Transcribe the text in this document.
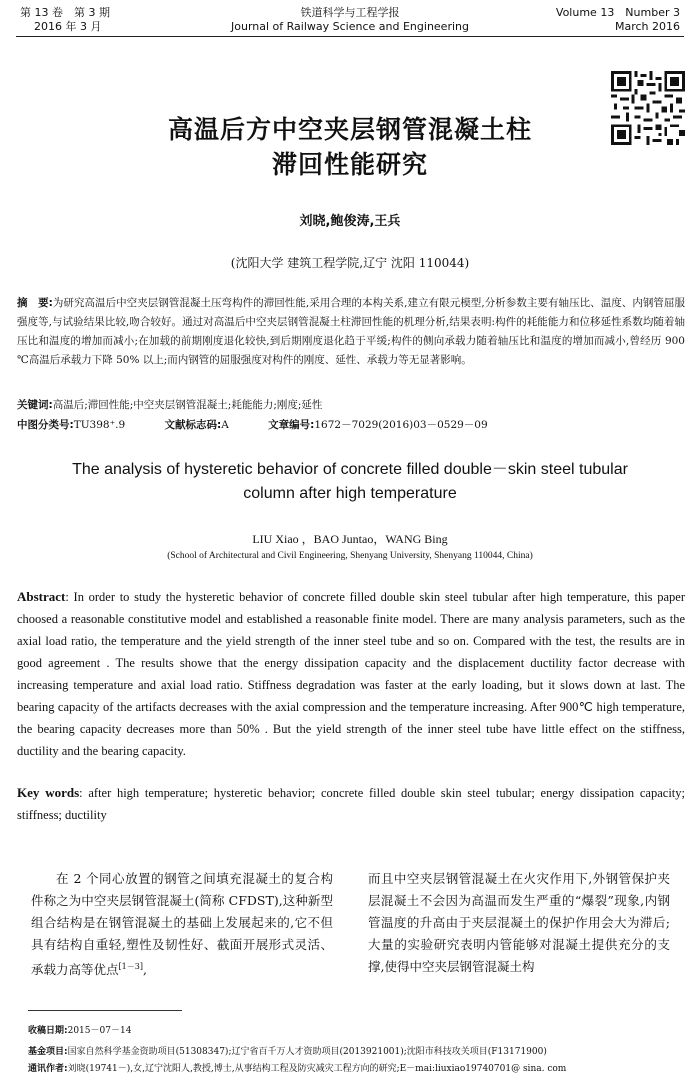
第 13 卷　第 3 期
2016 年 3 月
铁道科学与工程学报
Journal of Railway Science and Engineering
Volume 13　Number 3
March 2016
高温后方中空夹层钢管混凝土柱
滞回性能研究
刘晓,鲍俊涛,王兵
(沈阳大学 建筑工程学院,辽宁 沈阳 110044)
摘　要:为研究高温后中空夹层钢管混凝土压弯构件的滞回性能,采用合理的本构关系,建立有限元模型,分析参数主要有轴压比、温度、内钢管屈服强度等,与试验结果比较,吻合较好。通过对高温后中空夹层钢管混凝土柱滞回性能的机理分析,结果表明:构件的耗能能力和位移延性系数均随着轴压比和温度的增加而减小;在加载的前期刚度退化较快,到后期刚度退化趋于平缓;构件的侧向承载力随着轴压比和温度的增加而减小,曾经历 900 ℃高温后承载力下降 50% 以上;而内钢管的屈服强度对构件的刚度、延性、承载力等无显著影响。
关键词:高温后;滞回性能;中空夹层钢管混凝土;耗能能力;刚度;延性
中图分类号:TU398⁺.9	文献标志码:A	文章编号:1672－7029(2016)03－0529－09
The analysis of hysteretic behavior of concrete filled double－skin steel tubular
column after high temperature
LIU Xiao ，BAO Juntao，WANG Bing
(School of Architectural and Civil Engineering, Shenyang University, Shenyang 110044, China)
Abstract: In order to study the hysteretic behavior of concrete filled double skin steel tubular after high temperature, this paper choosed a reasonable constitutive model and established a reasonable finite model. There are many analysis parameters, such as the axial load ratio, the temperature and the yield strength of the inner steel tube and so on. Compared with the test, the results are in good agreement . The results showe that the energy dissipation capacity and the displacement ductility factor decrease with increasing temperature and axial load ratio. Stiffness degradation was faster at the early loading, but it slows down at last. The bearing capacity of the artifacts decreases with the axial compression and the temperature increasing. After 900℃ high temperature, the bearing capacity decreases more than 50% . But the yield strength of the inner steel tube have little effect on the stiffness, ductility and the bearing capacity.
Key words: after high temperature; hysteretic behavior; concrete filled double skin steel tubular; energy dissipation capacity; stiffness; ductility

在 2 个同心放置的钢管之间填充混凝土的复合构件称之为中空夹层钢管混凝土(简称 CFDST),这种新型组合结构是在钢管混凝土的基础上发展起来的,它不但具有结构自重轻,塑性及韧性好、截面开展形式灵活、承载力高等优点[1－3],

而且中空夹层钢管混凝土在火灾作用下,外钢管保护夹层混凝土不会因为高温而发生严重的“爆裂”现象,内钢管温度的升高由于夹层混凝土的保护作用会大为滞后;大量的实验研究表明内管能够对混凝土提供充分的支撑,使得中空夹层钢管混凝土构

收稿日期:2015－07－14
基金项目:国家自然科学基金资助项目(51308347);辽宁省百千万人才资助项目(2013921001);沈阳市科技攻关项目(F13171900)
通讯作者:刘晓(19741－),女,辽宁沈阳人,教授,博士,从事结构工程及防灾减灾工程方向的研究;E－mai:liuxiao19740701@ sina. com
